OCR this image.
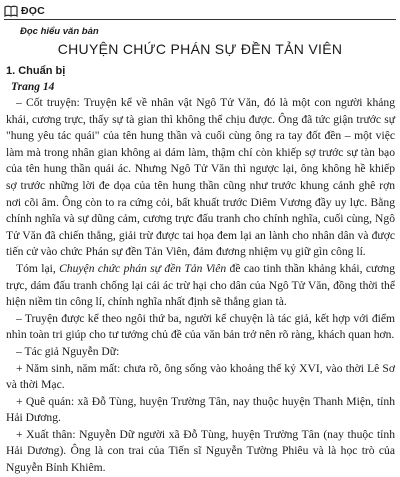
ĐỌC
Đọc hiểu văn bản
CHUYỆN CHỨC PHÁN SỰ ĐỀN TẢN VIÊN
1. Chuẩn bị
Trang 14

– Cốt truyện: Truyện kể về nhân vật Ngô Tử Văn, đó là một con người khảng khái, cương trực, thấy sự tà gian thì không thể chịu được. Ông đã tức giận trước sự "hung yêu tác quái" của tên hung thần và cuối cùng ông ra tay đốt đền – một việc làm mà trong nhân gian không ai dám làm, thậm chí còn khiếp sợ trước sự tàn bạo của tên hung thần quái ác. Nhưng Ngô Tử Văn thì ngược lại, ông không hề khiếp sợ trước những lời đe dọa của tên hung thần cũng như trước khung cảnh ghê rợn nơi cõi âm. Ông còn to ra cứng cỏi, bất khuất trước Diêm Vương đầy uy lực. Bằng chính nghĩa và sự dũng cảm, cương trực đấu tranh cho chính nghĩa, cuối cùng, Ngô Tử Văn đã chiến thắng, giải trừ được tai họa đem lại an lành cho nhân dân và được tiến cử vào chức Phán sự đền Tản Viên, đảm đương nhiệm vụ giữ gìn công lí.

Tóm lại, Chuyện chức phán sự đền Tản Viên đề cao tinh thần khảng khái, cương trực, dám đấu tranh chống lại cái ác trừ hại cho dân của Ngô Tử Văn, đồng thời thể hiện niềm tin công lí, chính nghĩa nhất định sẽ thắng gian tà.

– Truyện được kể theo ngôi thứ ba, người kể chuyện là tác giả, kết hợp với điểm nhìn toàn tri giúp cho tư tưởng chủ đề của văn bản trở nên rõ ràng, khách quan hơn.

– Tác giả Nguyễn Dữ:

+ Năm sinh, năm mất: chưa rõ, ông sống vào khoảng thế kỷ XVI, vào thời Lê Sơ và thời Mạc.

+ Quê quán: xã Đỗ Tùng, huyện Trường Tân, nay thuộc huyện Thanh Miện, tỉnh Hải Dương.

+ Xuất thân: Nguyễn Dữ người xã Đỗ Tùng, huyện Trường Tân (nay thuộc tỉnh Hải Dương). Ông là con trai của Tiến sĩ Nguyễn Tường Phiêu và là học trò của Nguyễn Bỉnh Khiêm.
